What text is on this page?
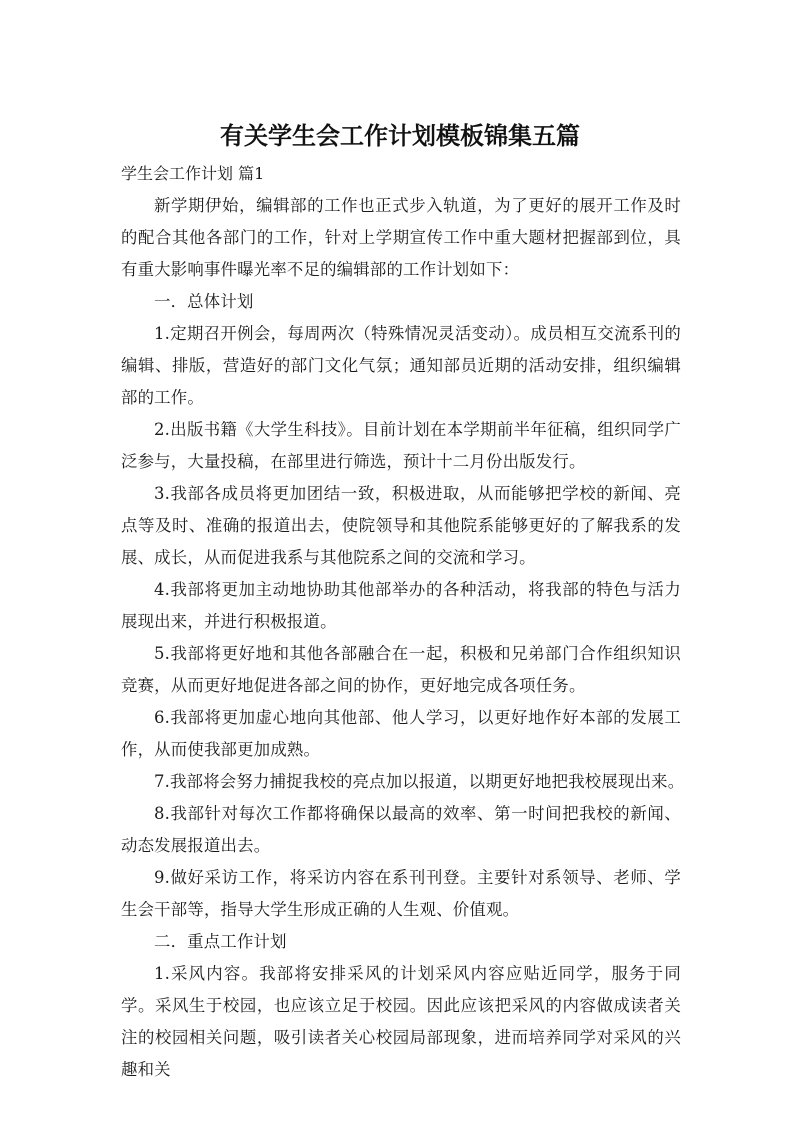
有关学生会工作计划模板锦集五篇
学生会工作计划 篇1

新学期伊始，编辑部的工作也正式步入轨道，为了更好的展开工作及时的配合其他各部门的工作，针对上学期宣传工作中重大题材把握部到位，具有重大影响事件曝光率不足的编辑部的工作计划如下：

一．总体计划

1.定期召开例会，每周两次（特殊情况灵活变动）。成员相互交流系刊的编辑、排版，营造好的部门文化气氛；通知部员近期的活动安排，组织编辑部的工作。

2.出版书籍《大学生科技》。目前计划在本学期前半年征稿，组织同学广泛参与，大量投稿，在部里进行筛选，预计十二月份出版发行。

3.我部各成员将更加团结一致，积极进取，从而能够把学校的新闻、亮点等及时、准确的报道出去，使院领导和其他院系能够更好的了解我系的发展、成长，从而促进我系与其他院系之间的交流和学习。

4.我部将更加主动地协助其他部举办的各种活动，将我部的特色与活力展现出来，并进行积极报道。

5.我部将更好地和其他各部融合在一起，积极和兄弟部门合作组织知识竞赛，从而更好地促进各部之间的协作，更好地完成各项任务。

6.我部将更加虚心地向其他部、他人学习，以更好地作好本部的发展工作，从而使我部更加成熟。

7.我部将会努力捕捉我校的亮点加以报道，以期更好地把我校展现出来。

8.我部针对每次工作都将确保以最高的效率、第一时间把我校的新闻、动态发展报道出去。

9.做好采访工作，将采访内容在系刊刊登。主要针对系领导、老师、学生会干部等，指导大学生形成正确的人生观、价值观。

二．重点工作计划

1.采风内容。我部将安排采风的计划采风内容应贴近同学，服务于同学。采风生于校园，也应该立足于校园。因此应该把采风的内容做成读者关注的校园相关问题，吸引读者关心校园局部现象，进而培养同学对采风的兴趣和关
